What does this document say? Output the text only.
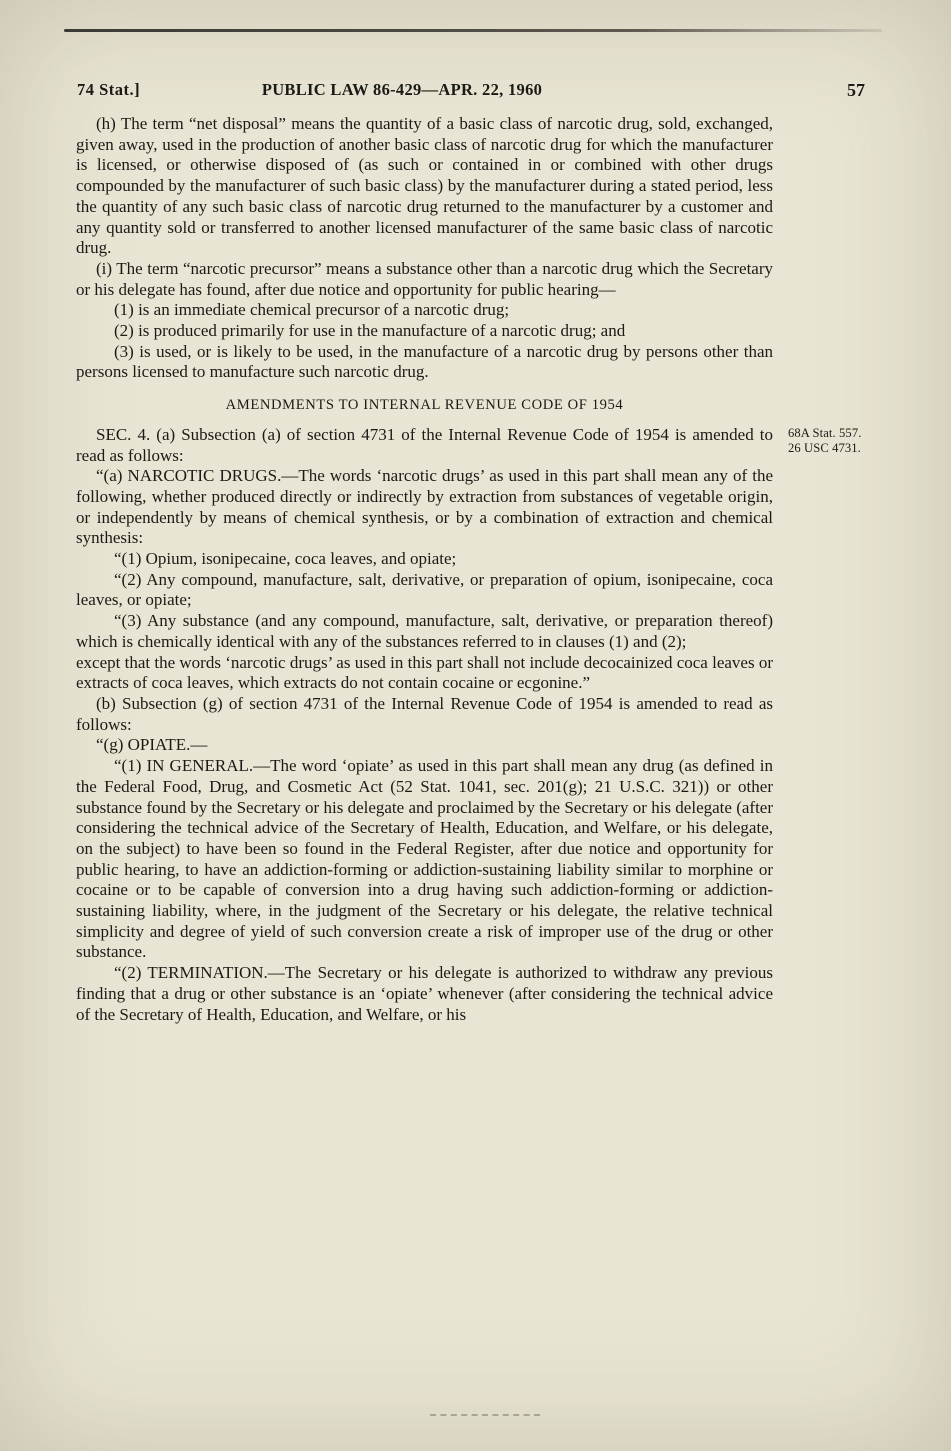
74 Stat.]	PUBLIC LAW 86-429—APR. 22, 1960	57

(h) The term “net disposal” means the quantity of a basic class of narcotic drug, sold, exchanged, given away, used in the production of another basic class of narcotic drug for which the manufacturer is licensed, or otherwise disposed of (as such or contained in or combined with other drugs compounded by the manufacturer of such basic class) by the manufacturer during a stated period, less the quantity of any such basic class of narcotic drug returned to the manufacturer by a customer and any quantity sold or transferred to another licensed manufacturer of the same basic class of narcotic drug.

(i) The term “narcotic precursor” means a substance other than a narcotic drug which the Secretary or his delegate has found, after due notice and opportunity for public hearing—

(1) is an immediate chemical precursor of a narcotic drug;

(2) is produced primarily for use in the manufacture of a narcotic drug; and

(3) is used, or is likely to be used, in the manufacture of a narcotic drug by persons other than persons licensed to manufacture such narcotic drug.

AMENDMENTS TO INTERNAL REVENUE CODE OF 1954

SEC. 4. (a) Subsection (a) of section 4731 of the Internal Revenue Code of 1954 is amended to read as follows:
68A Stat. 557.
26 USC 4731.

“(a) NARCOTIC DRUGS.—The words ‘narcotic drugs’ as used in this part shall mean any of the following, whether produced directly or indirectly by extraction from substances of vegetable origin, or independently by means of chemical synthesis, or by a combination of extraction and chemical synthesis:

“(1) Opium, isonipecaine, coca leaves, and opiate;

“(2) Any compound, manufacture, salt, derivative, or preparation of opium, isonipecaine, coca leaves, or opiate;

“(3) Any substance (and any compound, manufacture, salt, derivative, or preparation thereof) which is chemically identical with any of the substances referred to in clauses (1) and (2);

except that the words ‘narcotic drugs’ as used in this part shall not include decocainized coca leaves or extracts of coca leaves, which extracts do not contain cocaine or ecgonine.”

(b) Subsection (g) of section 4731 of the Internal Revenue Code of 1954 is amended to read as follows:

“(g) OPIATE.—

“(1) IN GENERAL.—The word ‘opiate’ as used in this part shall mean any drug (as defined in the Federal Food, Drug, and Cosmetic Act (52 Stat. 1041, sec. 201(g); 21 U.S.C. 321)) or other substance found by the Secretary or his delegate and proclaimed by the Secretary or his delegate (after considering the technical advice of the Secretary of Health, Education, and Welfare, or his delegate, on the subject) to have been so found in the Federal Register, after due notice and opportunity for public hearing, to have an addiction-forming or addiction-sustaining liability similar to morphine or cocaine or to be capable of conversion into a drug having such addiction-forming or addiction-sustaining liability, where, in the judgment of the Secretary or his delegate, the relative technical simplicity and degree of yield of such conversion create a risk of improper use of the drug or other substance.

“(2) TERMINATION.—The Secretary or his delegate is authorized to withdraw any previous finding that a drug or other substance is an ‘opiate’ whenever (after considering the technical advice of the Secretary of Health, Education, and Welfare, or his
